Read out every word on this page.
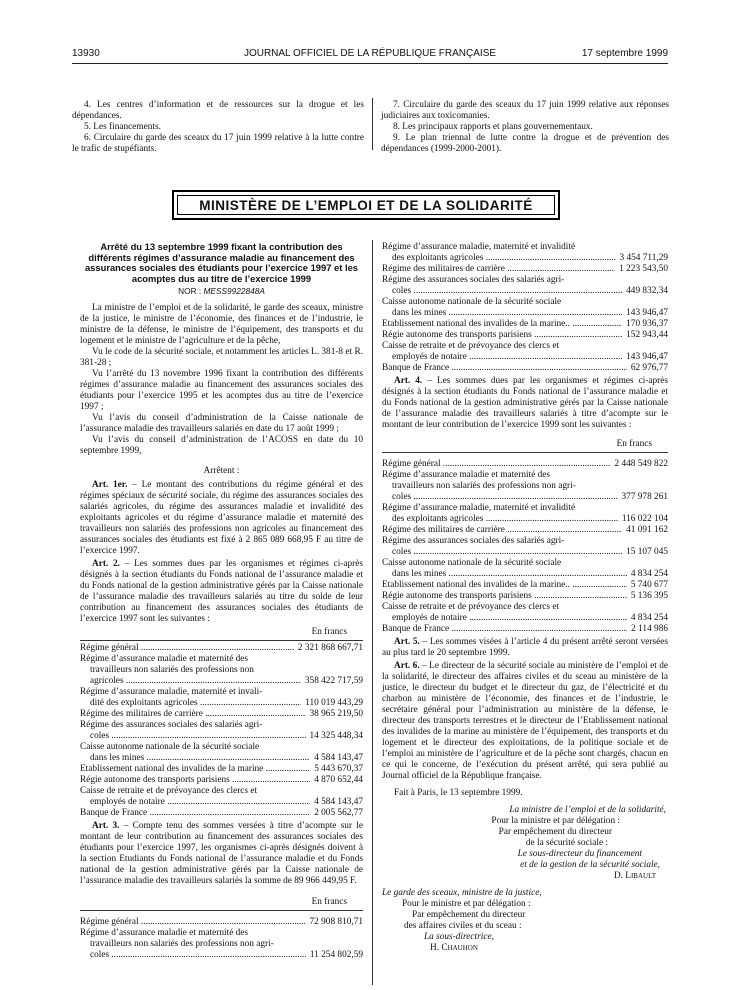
13930	JOURNAL OFFICIEL DE LA RÉPUBLIQUE FRANÇAISE	17 septembre 1999

4. Les centres d’information et de ressources sur la drogue et les dépendances.

5. Les financements.

6. Circulaire du garde des sceaux du 17 juin 1999 relative à la lutte contre le trafic de stupéfiants.

7. Circulaire du garde des sceaux du 17 juin 1999 relative aux réponses judiciaires aux toxicomanies.

8. Les principaux rapports et plans gouvernementaux.

9. Le plan triennal de lutte contre la drogue et de prévention des dépendances (1999-2000-2001).

MINISTÈRE DE L’EMPLOI ET DE LA SOLIDARITÉ
Arrêté du 13 septembre 1999 fixant la contribution des différents régimes d’assurance maladie au financement des assurances sociales des étudiants pour l’exercice 1997 et les acomptes dus au titre de l’exercice 1999
NOR : MESS9922848A

La ministre de l’emploi et de la solidarité, le garde des sceaux, ministre de la justice, le ministre de l’économie, des finances et de l’industrie, le ministre de la défense, le ministre de l’équipement, des transports et du logement et le ministre de l’agriculture et de la pêche,

Vu le code de la sécurité sociale, et notamment les articles L. 381-8 et R. 381-28 ;

Vu l’arrêté du 13 novembre 1996 fixant la contribution des différents régimes d’assurance maladie au financement des assurances sociales des étudiants pour l’exercice 1995 et les acomptes dus au titre de l’exercice 1997 ;

Vu l’avis du conseil d’administration de la Caisse nationale de l’assurance maladie des travailleurs salariés en date du 17 août 1999 ;

Vu l’avis du conseil d’administration de l’ACOSS en date du 10 septembre 1999,

Arrêtent :

Art. 1er. – Le montant des contributions du régime général et des régimes spéciaux de sécurité sociale, du régime des assurances sociales des salariés agricoles, du régime des assurances maladie et invalidité des exploitants agricoles et du régime d’assurance maladie et maternité des travailleurs non salariés des professions non agricoles au financement des assurances sociales des étudiants est fixé à 2 865 089 668,95 F au titre de l’exercice 1997.

Art. 2. – Les sommes dues par les organismes et régimes ci-après désignés à la section étudiants du Fonds national de l’assurance maladie et du Fonds national de la gestion administrative gérés par la Caisse nationale de l’assurance maladie des travailleurs salariés au titre du solde de leur contribution au financement des assurances sociales des étudiants de l’exercice 1997 sont les suivantes :

En francs
Régime général .....	2 321 868 667,71
Régime d’assurance maladie et maternité des
travailleurs non salariés des professions non
agricoles .....	358 422 717,59
Régime d’assurance maladie, maternité et invali-
dité des exploitants agricoles .....	110 019 443,29
Régime des militaires de carrière .....	38 965 219,50
Régime des assurances sociales des salariés agri-
coles .....	14 325 448,34
Caisse autonome nationale de la sécurité sociale
dans les mines .....	4 584 143,47
Etablissement national des invalides de la marine .....	5 443 670,37
Régie autonome des transports parisiens .....	4 870 652,44
Caisse de retraite et de prévoyance des clercs et
employés de notaire .....	4 584 143,47
Banque de France .....	2 005 562,77

Art. 3. – Compte tenu des sommes versées à titre d’acompte sur le montant de leur contribution au financement des assurances sociales des étudiants pour l’exercice 1997, les organismes ci-après désignés doivent à la section Etudiants du Fonds national de l’assurance maladie et du Fonds national de la gestion administrative gérés par la Caisse nationale de l’assurance maladie des travailleurs salariés la somme de 89 966 449,95 F.

En francs
Régime général .....	72 908 810,71
Régime d’assurance maladie et maternité des
travailleurs non salariés des professions non agri-
coles .....	11 254 802,59
Régime d’assurance maladie, maternité et invalidité
des exploitants agricoles .....	3 454 711,29
Régime des militaires de carrière .....	1 223 543,50
Régime des assurances sociales des salariés agri-
coles .....	449 832,34
Caisse autonome nationale de la sécurité sociale
dans les mines .....	143 946,47
Etablissement national des invalides de la marine.. .....	170 936,37
Régie autonome des transports parisiens .....	152 943,44
Caisse de retraite et de prévoyance des clercs et
employés de notaire .....	143 946,47
Banque de France .....	62 976,77

Art. 4. – Les sommes dues par les organismes et régimes ci-après désignés à la section étudiants du Fonds national de l’assurance maladie et du Fonds national de la gestion administrative gérés par la Caisse nationale de l’assurance maladie des travailleurs salariés à titre d’acompte sur le montant de leur contribution de l’exercice 1999 sont les suivantes :

En francs
Régime général .....	2 448 549 822
Régime d’assurance maladie et maternité des
travailleurs non salariés des professions non agri-
coles .....	377 978 261
Régime d’assurance maladie, maternité et invalidité
des exploitants agricoles .....	116 022 104
Régime des militaires de carrière .....	41 091 162
Régime des assurances sociales des salariés agri-
coles .....	15 107 045
Caisse autonome nationale de la sécurité sociale
dans les mines .....	4 834 254
Etablissement national des invalides de la marine.. .....	5 740 677
Régie autonome des transports parisiens .....	5 136 395
Caisse de retraite et de prévoyance des clercs et
employés de notaire .....	4 834 254
Banque de France .....	2 114 986

Art. 5. – Les sommes visées à l’article 4 du présent arrêté seront versées au plus tard le 20 septembre 1999.

Art. 6. – Le directeur de la sécurité sociale au ministère de l’emploi et de la solidarité, le directeur des affaires civiles et du sceau au ministère de la justice, le directeur du budget et le directeur du gaz, de l’électricité et du charbon au ministère de l’économie, des finances et de l’industrie, le secrétaire général pour l’administration au ministère de la défense, le directeur des transports terrestres et le directeur de l’Etablissement national des invalides de la marine au ministère de l’équipement, des transports et du logement et le directeur des exploitations, de la politique sociale et de l’emploi au ministère de l’agriculture et de la pêche sont chargés, chacun en ce qui le concerne, de l’exécution du présent arrêté, qui sera publié au Journal officiel de la République française.

Fait à Paris, le 13 septembre 1999.

La ministre de l’emploi et de la solidarité,
Pour la ministre et par délégation :
Par empêchement du directeur
de la sécurité sociale :
Le sous-directeur du financement
et de la gestion de la sécurité sociale,
D. Libault
Le garde des sceaux, ministre de la justice,
Pour le ministre et par délégation :
Par empêchement du directeur
des affaires civiles et du sceau :
La sous-directrice,
H. Chauhon
